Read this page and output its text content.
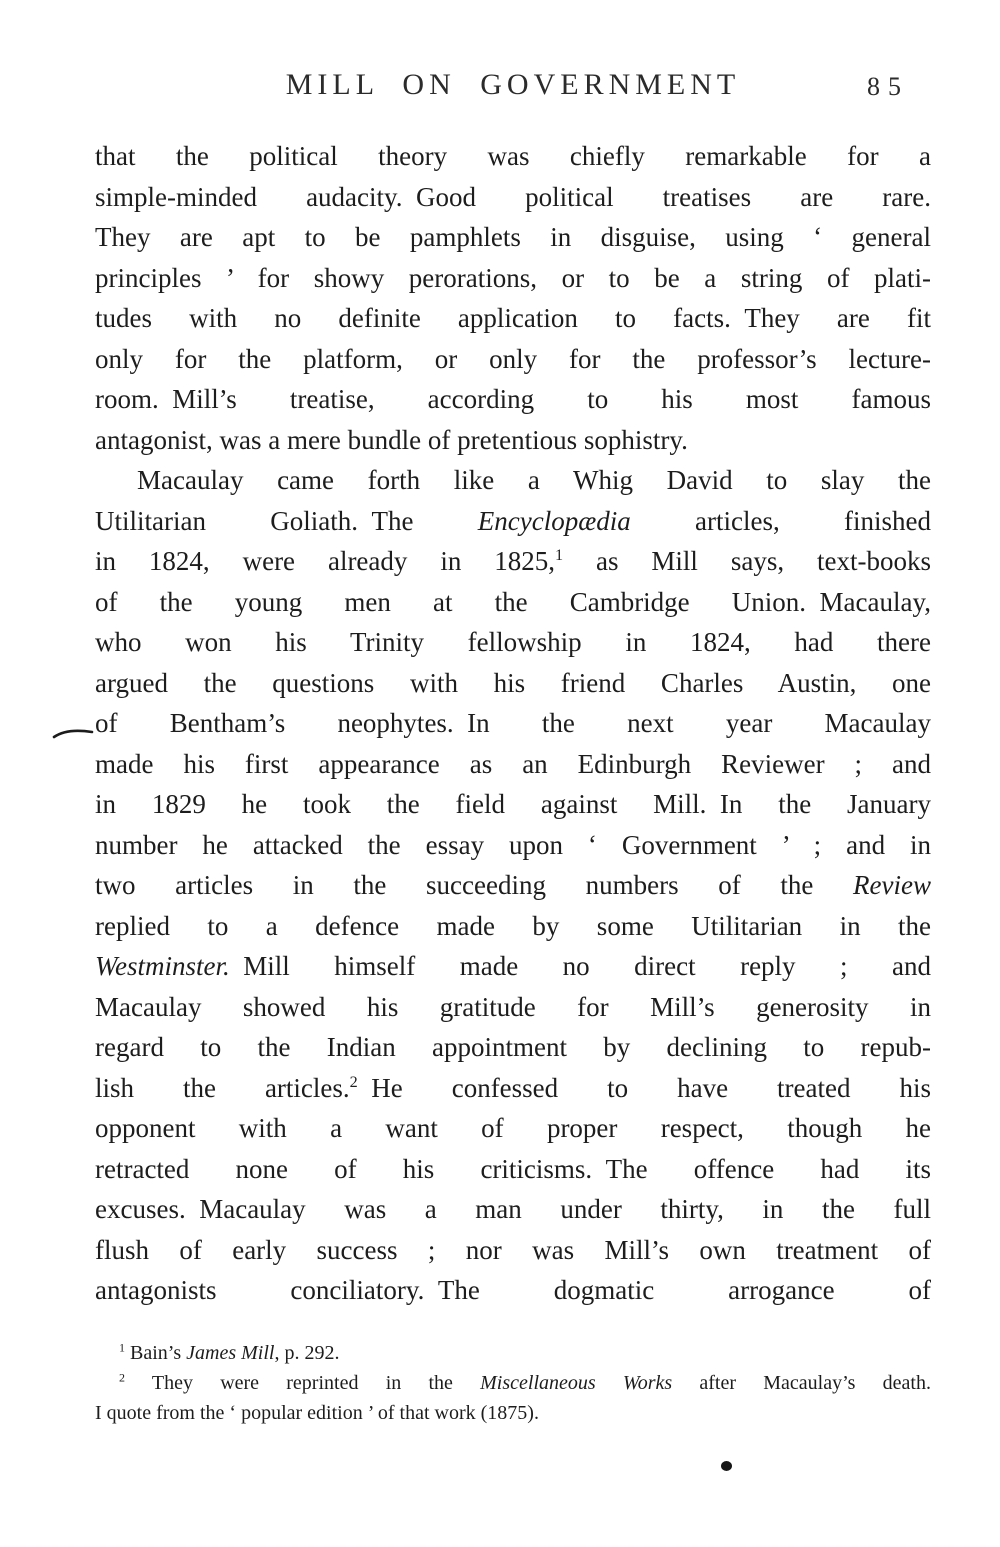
MILL ON GOVERNMENT	85
that the political theory was chiefly remarkable for a
simple-minded audacity. Good political treatises are rare.
They are apt to be pamphlets in disguise, using ‘ general
principles ’ for showy perorations, or to be a string of plati-
tudes with no definite application to facts. They are fit
only for the platform, or only for the professor’s lecture-
room. Mill’s treatise, according to his most famous
antagonist, was a mere bundle of pretentious sophistry.
Macaulay came forth like a Whig David to slay the
Utilitarian Goliath. The Encyclopædia articles, finished
in 1824, were already in 1825,$^1$ as Mill says, text-books
of the young men at the Cambridge Union. Macaulay,
who won his Trinity fellowship in 1824, had there
argued the questions with his friend Charles Austin, one
of Bentham’s neophytes. In the next year Macaulay
made his first appearance as an Edinburgh Reviewer ; and
in 1829 he took the field against Mill. In the January
number he attacked the essay upon ‘ Government ’ ; and in
two articles in the succeeding numbers of the Review
replied to a defence made by some Utilitarian in the
Westminster. Mill himself made no direct reply ; and
Macaulay showed his gratitude for Mill’s generosity in
regard to the Indian appointment by declining to repub-
lish the articles.$^2$ He confessed to have treated his
opponent with a want of proper respect, though he
retracted none of his criticisms. The offence had its
excuses. Macaulay was a man under thirty, in the full
flush of early success ; nor was Mill’s own treatment of
antagonists conciliatory. The dogmatic arrogance of
$^1$ Bain’s James Mill, p. 292.
$^2$ They were reprinted in the Miscellaneous Works after Macaulay’s death.
I quote from the ‘ popular edition ’ of that work (1875).
